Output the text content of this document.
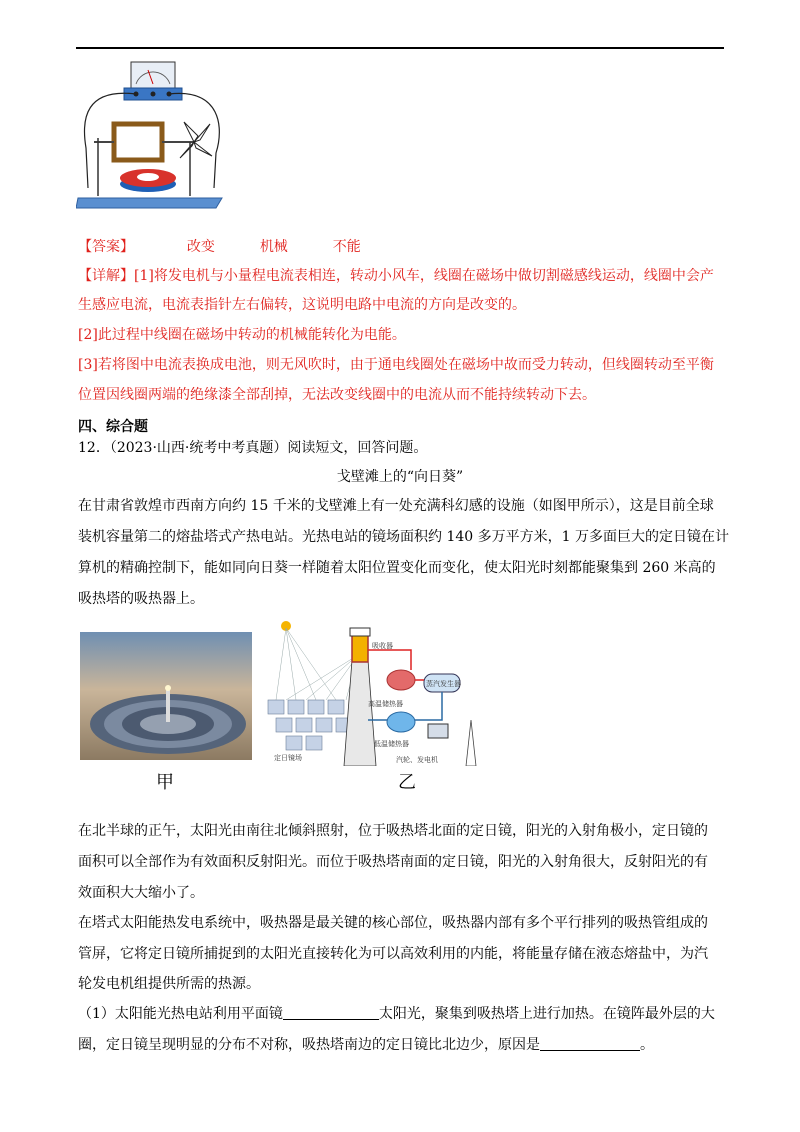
【答案】	改变	机械	不能
【详解】[1]将发电机与小量程电流表相连，转动小风车，线圈在磁场中做切割磁感线运动，线圈中会产
生感应电流，电流表指针左右偏转，这说明电路中电流的方向是改变的。
[2]此过程中线圈在磁场中转动的机械能转化为电能。
[3]若将图中电流表换成电池，则无风吹时，由于通电线圈处在磁场中故而受力转动，但线圈转动至平衡
位置因线圈两端的绝缘漆全部刮掉，无法改变线圈中的电流从而不能持续转动下去。
四、综合题
12．（2023·山西·统考中考真题）阅读短文，回答问题。
戈壁滩上的“向日葵”
在甘肃省敦煌市西南方向约 15 千米的戈壁滩上有一处充满科幻感的设施（如图甲所示），这是目前全球
装机容量第二的熔盐塔式产热电站。光热电站的镜场面积约 140 多万平方米，1 万多面巨大的定日镜在计
算机的精确控制下，能如同向日葵一样随着太阳位置变化而变化，使太阳光时刻都能聚集到 260 米高的
吸热塔的吸热器上。
吸收器
高温储热器
蒸汽发生器
低温储热器
定日镜场	汽轮、发电机
甲	乙
在北半球的正午，太阳光由南往北倾斜照射，位于吸热塔北面的定日镜，阳光的入射角极小，定日镜的
面积可以全部作为有效面积反射阳光。而位于吸热塔南面的定日镜，阳光的入射角很大，反射阳光的有
效面积大大缩小了。
在塔式太阳能热发电系统中，吸热器是最关键的核心部位，吸热器内部有多个平行排列的吸热管组成的
管屏，它将定日镜所捕捉到的太阳光直接转化为可以高效利用的内能，将能量存储在液态熔盐中，为汽
轮发电机组提供所需的热源。
（1）太阳能光热电站利用平面镜	太阳光，聚集到吸热塔上进行加热。在镜阵最外层的大
圈，定日镜呈现明显的分布不对称，吸热塔南边的定日镜比北边少，原因是	。
